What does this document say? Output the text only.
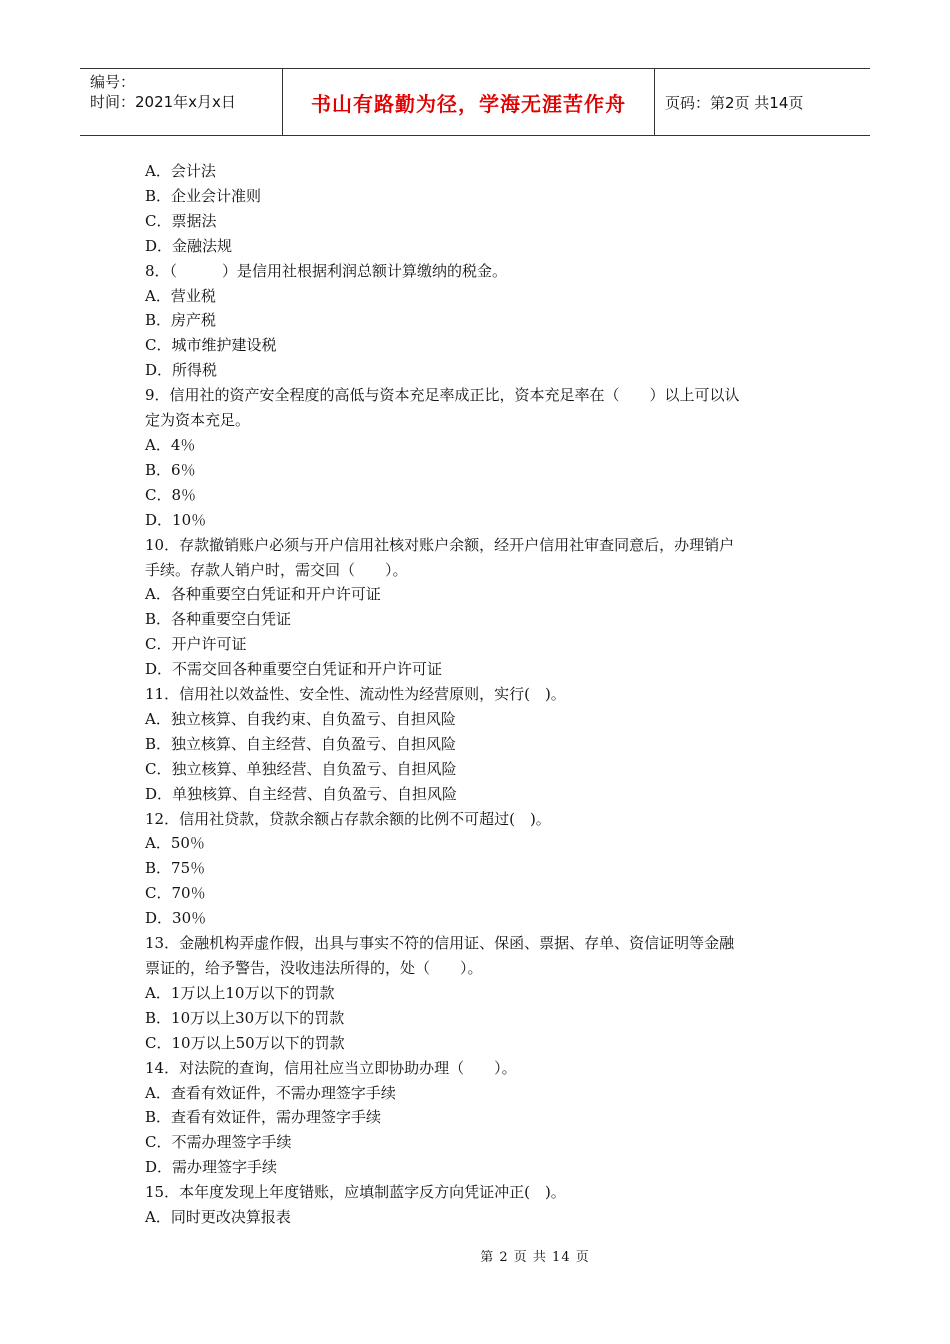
编号：
时间：2021年x月x日	书山有路勤为径，学海无涯苦作舟	页码：第2页 共14页
A．会计法
B．企业会计准则
C．票据法
D．金融法规
8．（　　　）是信用社根据利润总额计算缴纳的税金。
A．营业税
B．房产税
C．城市维护建设税
D．所得税
9．信用社的资产安全程度的高低与资本充足率成正比，资本充足率在（　　）以上可以认
定为资本充足。
A．4％
B．6％
C．8％
D．10％
10．存款撤销账户必须与开户信用社核对账户余额，经开户信用社审查同意后，办理销户
手续。存款人销户时，需交回（　　）。
A．各种重要空白凭证和开户许可证
B．各种重要空白凭证
C．开户许可证
D．不需交回各种重要空白凭证和开户许可证
11．信用社以效益性、安全性、流动性为经营原则，实行(　)。
A．独立核算、自我约束、自负盈亏、自担风险
B．独立核算、自主经营、自负盈亏、自担风险
C．独立核算、单独经营、自负盈亏、自担风险
D．单独核算、自主经营、自负盈亏、自担风险
12．信用社贷款，贷款余额占存款余额的比例不可超过(　)。
A．50％
B．75％
C．70％
D．30％
13．金融机构弄虚作假，出具与事实不符的信用证、保函、票据、存单、资信证明等金融
票证的，给予警告，没收违法所得的，处（　　）。
A．1万以上10万以下的罚款
B．10万以上30万以下的罚款
C．10万以上50万以下的罚款
14．对法院的查询，信用社应当立即协助办理（　　）。
A．查看有效证件，不需办理签字手续
B．查看有效证件，需办理签字手续
C．不需办理签字手续
D．需办理签字手续
15．本年度发现上年度错账，应填制蓝字反方向凭证冲正(　)。
A．同时更改决算报表
第 2 页 共 14 页
